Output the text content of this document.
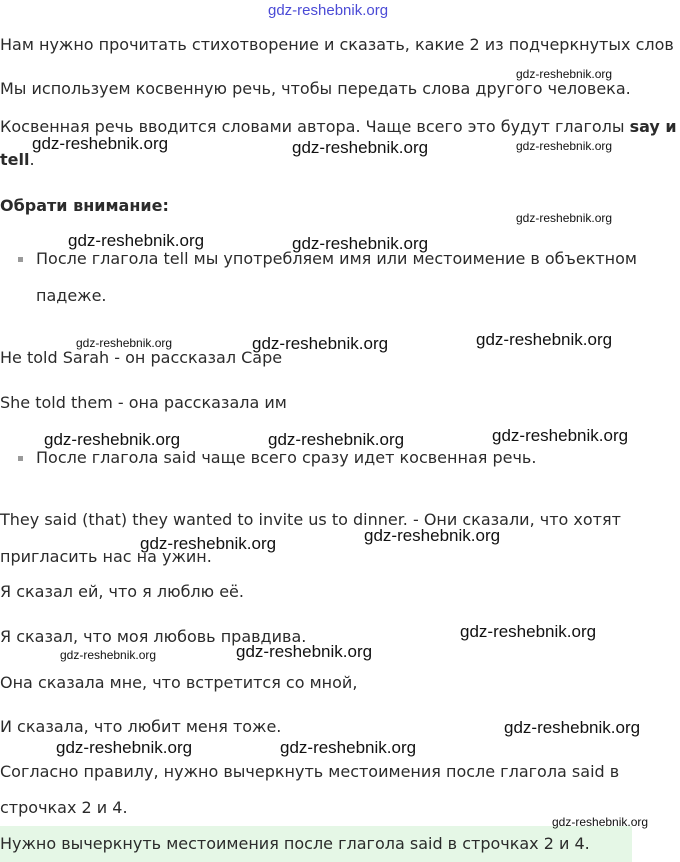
Нам нужно прочитать стихотворение и сказать, какие 2 из подчеркнутых слов
Мы используем косвенную речь, чтобы передать слова другого человека.
Косвенная речь вводится словами автора. Чаще всего это будут глаголы say и
tell.
Обрати внимание:
После глагола tell мы употребляем имя или местоимение в объектном
падеже.
He told Sarah - он рассказал Саре
She told them - она рассказала им
После глагола said чаще всего сразу идет косвенная речь.
They said (that) they wanted to invite us to dinner. - Они сказали, что хотят
пригласить нас на ужин.
Я сказал ей, что я люблю её.
Я сказал, что моя любовь правдива.
Она сказала мне, что встретится со мной,
И сказала, что любит меня тоже.
Согласно правилу, нужно вычеркнуть местоимения после глагола said в
строчках 2 и 4.
Нужно вычеркнуть местоимения после глагола said в строчках 2 и 4.
gdz-reshebnik.org
gdz-reshebnik.org
gdz-reshebnik.org	gdz-reshebnik.org	gdz-reshebnik.org
gdz-reshebnik.org
gdz-reshebnik.org	gdz-reshebnik.org
gdz-reshebnik.org	gdz-reshebnik.org	gdz-reshebnik.org
gdz-reshebnik.org	gdz-reshebnik.org	gdz-reshebnik.org
gdz-reshebnik.org	gdz-reshebnik.org
gdz-reshebnik.org
gdz-reshebnik.org	gdz-reshebnik.org
gdz-reshebnik.org
gdz-reshebnik.org	gdz-reshebnik.org
gdz-reshebnik.org
